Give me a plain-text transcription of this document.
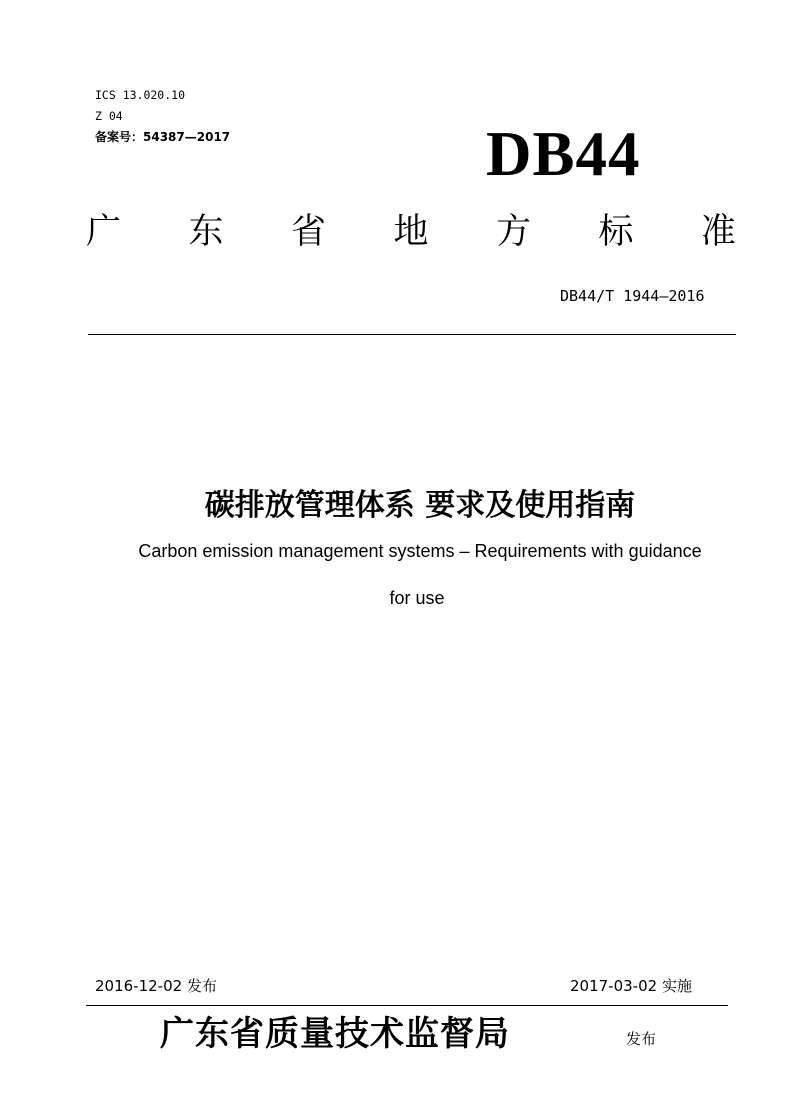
ICS 13.020.10
Z 04
备案号：54387—2017	DB44
广 东 省 地 方 标 准
DB44/T 1944—2016
碳排放管理体系 要求及使用指南
Carbon emission management systems – Requirements with guidance
for use
2016-12-02 发布	2017-03-02 实施
广东省质量技术监督局	发布
